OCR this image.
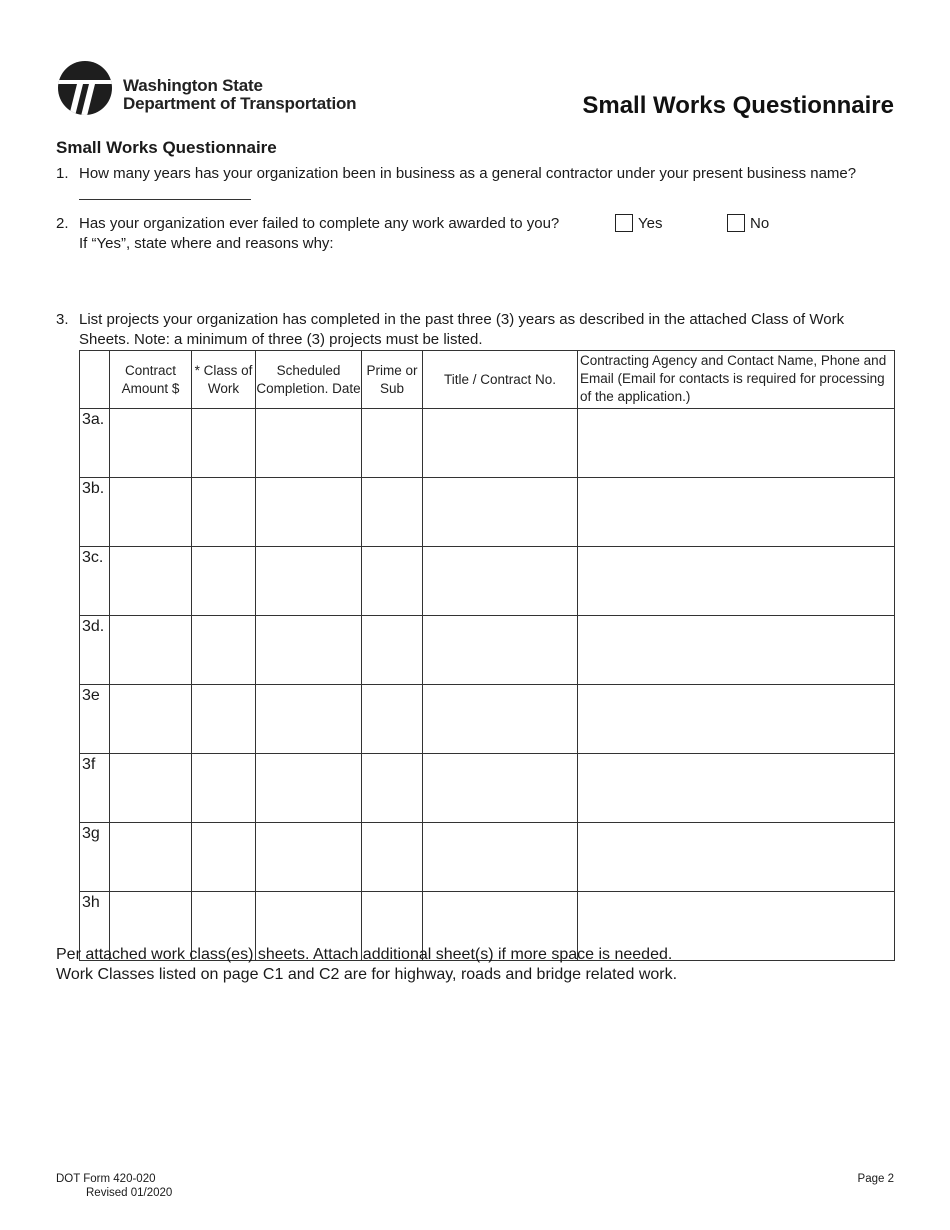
Washington State
Department of Transportation	Small Works Questionnaire
Small Works Questionnaire
1. How many years has your organization been in business as a general contractor under your present business name?
2. Has your organization ever failed to complete any work awarded to you?
If “Yes”, state where and reasons why:
Yes	No
3. List projects your organization has completed in the past three (3) years as described in the attached Class of Work
Sheets. Note: a minimum of three (3) projects must be listed.
	Contract Amount $	* Class of Work	Scheduled Completion. Date	Prime or Sub	Title / Contract No.	Contracting Agency and Contact Name, Phone and Email (Email for contacts is required for processing of the application.)
3a.						
3b.						
3c.						
3d.						
3e						
3f						
3g						
3h						
Per attached work class(es) sheets. Attach additional sheet(s) if more space is needed.
Work Classes listed on page C1 and C2 are for highway, roads and bridge related work.
DOT Form 420-020
Revised 01/2020
Page 2
